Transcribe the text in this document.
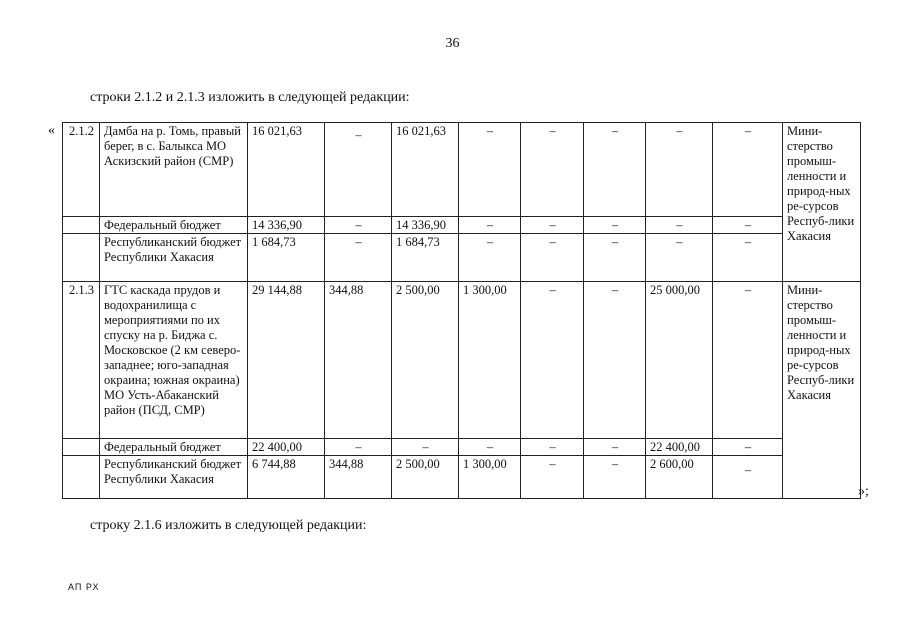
36
строки 2.1.2 и 2.1.3 изложить в следующей редакции:
« 2.1.2	Дамба на р. Томь, правый берег, в с. Балыкса МО Аскизский район (СМР)	16 021,63	–	16 021,63	–	–	–	–	–	Мини-стерство промыш-ленности и природ-ных ре-сурсов Респуб-лики Хакасия
	Федеральный бюджет	14 336,90	–	14 336,90	–	–	–	–	–	
	Республиканский бюджет Республики Хакасия	1 684,73	–	1 684,73	–	–	–	–	–	
2.1.3	ГТС каскада прудов и водохранилища с мероприятиями по их спуску на р. Биджа с. Московское (2 км северо-западнее; юго-западная окраина; южная окраина) МО Усть-Абаканский район (ПСД, СМР)	29 144,88	344,88	2 500,00	1 300,00	–	–	25 000,00	–	Мини-стерство промыш-ленности и природ-ных ре-сурсов Респуб-лики Хакасия
	Федеральный бюджет	22 400,00	–	–	–	–	–	22 400,00	–	
	Республиканский бюджет Республики Хакасия	6 744,88	344,88	2 500,00	1 300,00	–	–	2 600,00	–	
»;
строку 2.1.6 изложить в следующей редакции:
АП РХ
